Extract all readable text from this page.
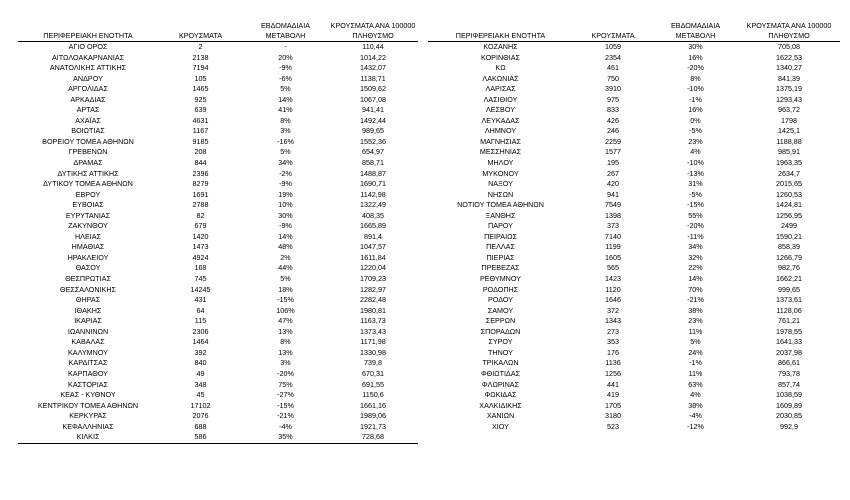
		ΕΒΔΟΜΑΔΙΑΙΑ	ΚΡΟΥΣΜΑΤΑ ΑΝΑ 100000
ΠΕΡΙΦΕΡΕΙΑΚΗ ΕΝΟΤΗΤΑ	ΚΡΟΥΣΜΑΤΑ	ΜΕΤΑΒΟΛΗ	ΠΛΗΘΥΣΜΟ
ΑΓΙΟ ΟΡΟΣ	2	-	110,44
ΑΙΤΩΛΟΑΚΑΡΝΑΝΙΑΣ	2138	20%	1014,22
ΑΝΑΤΟΛΙΚΗΣ ΑΤΤΙΚΗΣ	7194	-9%	1432,07
ΑΝΔΡΟΥ	105	-6%	1138,71
ΑΡΓΟΛΙΔΑΣ	1465	5%	1509,62
ΑΡΚΑΔΙΑΣ	925	14%	1067,08
ΑΡΤΑΣ	639	41%	941,41
ΑΧΑΪΑΣ	4631	8%	1492,44
ΒΟΙΩΤΙΑΣ	1167	3%	989,65
ΒΟΡΕΙΟΥ ΤΟΜΕΑ ΑΘΗΝΩΝ	9185	-16%	1552,36
ΓΡΕΒΕΝΩΝ	208	5%	654,97
ΔΡΑΜΑΣ	844	34%	858,71
ΔΥΤΙΚΗΣ ΑΤΤΙΚΗΣ	2396	-2%	1488,87
ΔΥΤΙΚΟΥ ΤΟΜΕΑ ΑΘΗΝΩΝ	8279	-9%	1690,71
ΕΒΡΟΥ	1691	19%	1142,98
ΕΥΒΟΙΑΣ	2788	10%	1322,49
ΕΥΡΥΤΑΝΙΑΣ	82	30%	408,35
ΖΑΚΥΝΘΟΥ	679	-9%	1665,89
ΗΛΕΙΑΣ	1420	14%	891,4
ΗΜΑΘΙΑΣ	1473	48%	1047,57
ΗΡΑΚΛΕΙΟΥ	4924	2%	1611,84
ΘΑΣΟΥ	168	44%	1220,04
ΘΕΣΠΡΩΤΙΑΣ	745	5%	1709,23
ΘΕΣΣΑΛΟΝΙΚΗΣ	14245	18%	1282,97
ΘΗΡΑΣ	431	-15%	2282,48
ΙΘΑΚΗΣ	64	106%	1980,81
ΙΚΑΡΙΑΣ	115	47%	1163,73
ΙΩΑΝΝΙΝΩΝ	2306	13%	1373,43
ΚΑΒΑΛΑΣ	1464	8%	1171,98
ΚΑΛΥΜΝΟΥ	392	13%	1330,98
ΚΑΡΔΙΤΣΑΣ	840	3%	739,8
ΚΑΡΠΑΘΟΥ	49	-20%	670,31
ΚΑΣΤΟΡΙΑΣ	348	75%	691,55
ΚΕΑΣ - ΚΥΘΝΟΥ	45	-27%	1150,6
ΚΕΝΤΡΙΚΟΥ ΤΟΜΕΑ ΑΘΗΝΩΝ	17102	-15%	1661,16
ΚΕΡΚΥΡΑΣ	2076	-21%	1989,06
ΚΕΦΑΛΛΗΝΙΑΣ	688	-4%	1921,73
ΚΙΛΚΙΣ	586	35%	728,68
		ΕΒΔΟΜΑΔΙΑΙΑ	ΚΡΟΥΣΜΑΤΑ ΑΝΑ 100000
ΠΕΡΙΦΕΡΕΙΑΚΗ ΕΝΟΤΗΤΑ	ΚΡΟΥΣΜΑΤΑ	ΜΕΤΑΒΟΛΗ	ΠΛΗΘΥΣΜΟ
ΚΟΖΑΝΗΣ	1059	30%	705,08
ΚΟΡΙΝΘΙΑΣ	2354	16%	1622,53
ΚΩ	461	-20%	1340,27
ΛΑΚΩΝΙΑΣ	750	8%	841,39
ΛΑΡΙΣΑΣ	3910	-10%	1375,19
ΛΑΣΙΘΙΟΥ	975	-1%	1293,43
ΛΕΣΒΟΥ	833	16%	963,72
ΛΕΥΚΑΔΑΣ	426	0%	1798
ΛΗΜΝΟΥ	246	-5%	1425,1
ΜΑΓΝΗΣΙΑΣ	2259	23%	1188,88
ΜΕΣΣΗΝΙΑΣ	1577	4%	985,91
ΜΗΛΟΥ	195	-10%	1963,35
ΜΥΚΟΝΟΥ	267	-13%	2634,7
ΝΑΞΟΥ	420	31%	2015,65
ΝΗΣΩΝ	941	-5%	1260,53
ΝΟΤΙΟΥ ΤΟΜΕΑ ΑΘΗΝΩΝ	7549	-15%	1424,81
ΞΑΝΘΗΣ	1398	55%	1256,95
ΠΑΡΟΥ	373	-20%	2499
ΠΕΙΡΑΙΩΣ	7140	-11%	1590,21
ΠΕΛΛΑΣ	1199	34%	858,39
ΠΙΕΡΙΑΣ	1605	32%	1266,79
ΠΡΕΒΕΖΑΣ	565	22%	982,76
ΡΕΘΥΜΝΟΥ	1423	14%	1662,21
ΡΟΔΟΠΗΣ	1120	70%	999,65
ΡΟΔΟΥ	1646	-21%	1373,61
ΣΑΜΟΥ	372	38%	1128,06
ΣΕΡΡΩΝ	1343	23%	761,21
ΣΠΟΡΑΔΩΝ	273	11%	1978,55
ΣΥΡΟΥ	353	5%	1641,33
ΤΗΝΟΥ	176	24%	2037,98
ΤΡΙΚΑΛΩΝ	1136	-1%	866,61
ΦΘΙΩΤΙΔΑΣ	1256	11%	793,78
ΦΛΩΡΙΝΑΣ	441	63%	857,74
ΦΩΚΙΔΑΣ	419	4%	1038,59
ΧΑΛΚΙΔΙΚΗΣ	1705	38%	1609,89
ΧΑΝΙΩΝ	3180	-4%	2030,85
ΧΙΟΥ	523	-12%	992,9
